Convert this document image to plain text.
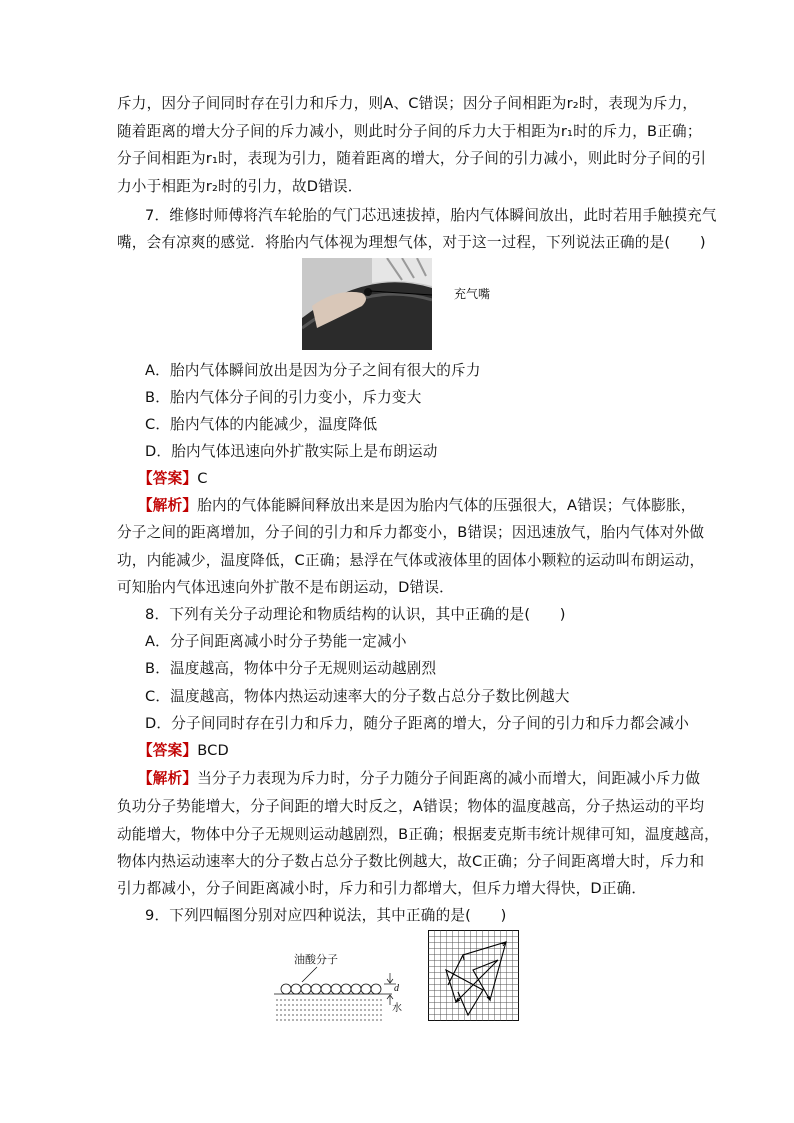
斥力，因分子间同时存在引力和斥力，则A、C错误；因分子间相距为r₂时，表现为斥力，
随着距离的增大分子间的斥力减小，则此时分子间的斥力大于相距为r₁时的斥力，B正确；
分子间相距为r₁时，表现为引力，随着距离的增大，分子间的引力减小，则此时分子间的引
力小于相距为r₂时的引力，故D错误．
7．维修时师傅将汽车轮胎的气门芯迅速拔掉，胎内气体瞬间放出，此时若用手触摸充气
嘴，会有凉爽的感觉．将胎内气体视为理想气体，对于这一过程，下列说法正确的是(　　)
充气嘴
A．胎内气体瞬间放出是因为分子之间有很大的斥力
B．胎内气体分子间的引力变小，斥力变大
C．胎内气体的内能减少，温度降低
D．胎内气体迅速向外扩散实际上是布朗运动
【答案】C
【解析】胎内的气体能瞬间释放出来是因为胎内气体的压强很大，A错误；气体膨胀，
分子之间的距离增加，分子间的引力和斥力都变小，B错误；因迅速放气，胎内气体对外做
功，内能减少，温度降低，C正确；悬浮在气体或液体里的固体小颗粒的运动叫布朗运动，
可知胎内气体迅速向外扩散不是布朗运动，D错误．
8．下列有关分子动理论和物质结构的认识，其中正确的是(　　)
A．分子间距离减小时分子势能一定减小
B．温度越高，物体中分子无规则运动越剧烈
C．温度越高，物体内热运动速率大的分子数占总分子数比例越大
D．分子间同时存在引力和斥力，随分子距离的增大，分子间的引力和斥力都会减小
【答案】BCD
【解析】当分子力表现为斥力时，分子力随分子间距离的减小而增大，间距减小斥力做
负功分子势能增大，分子间距的增大时反之，A错误；物体的温度越高，分子热运动的平均
动能增大，物体中分子无规则运动越剧烈，B正确；根据麦克斯韦统计规律可知，温度越高，
物体内热运动速率大的分子数占总分子数比例越大，故C正确；分子间距离增大时，斥力和
引力都减小，分子间距离减小时，斥力和引力都增大，但斥力增大得快，D正确．
9．下列四幅图分别对应四种说法，其中正确的是(　　)
油酸分子
d
水
